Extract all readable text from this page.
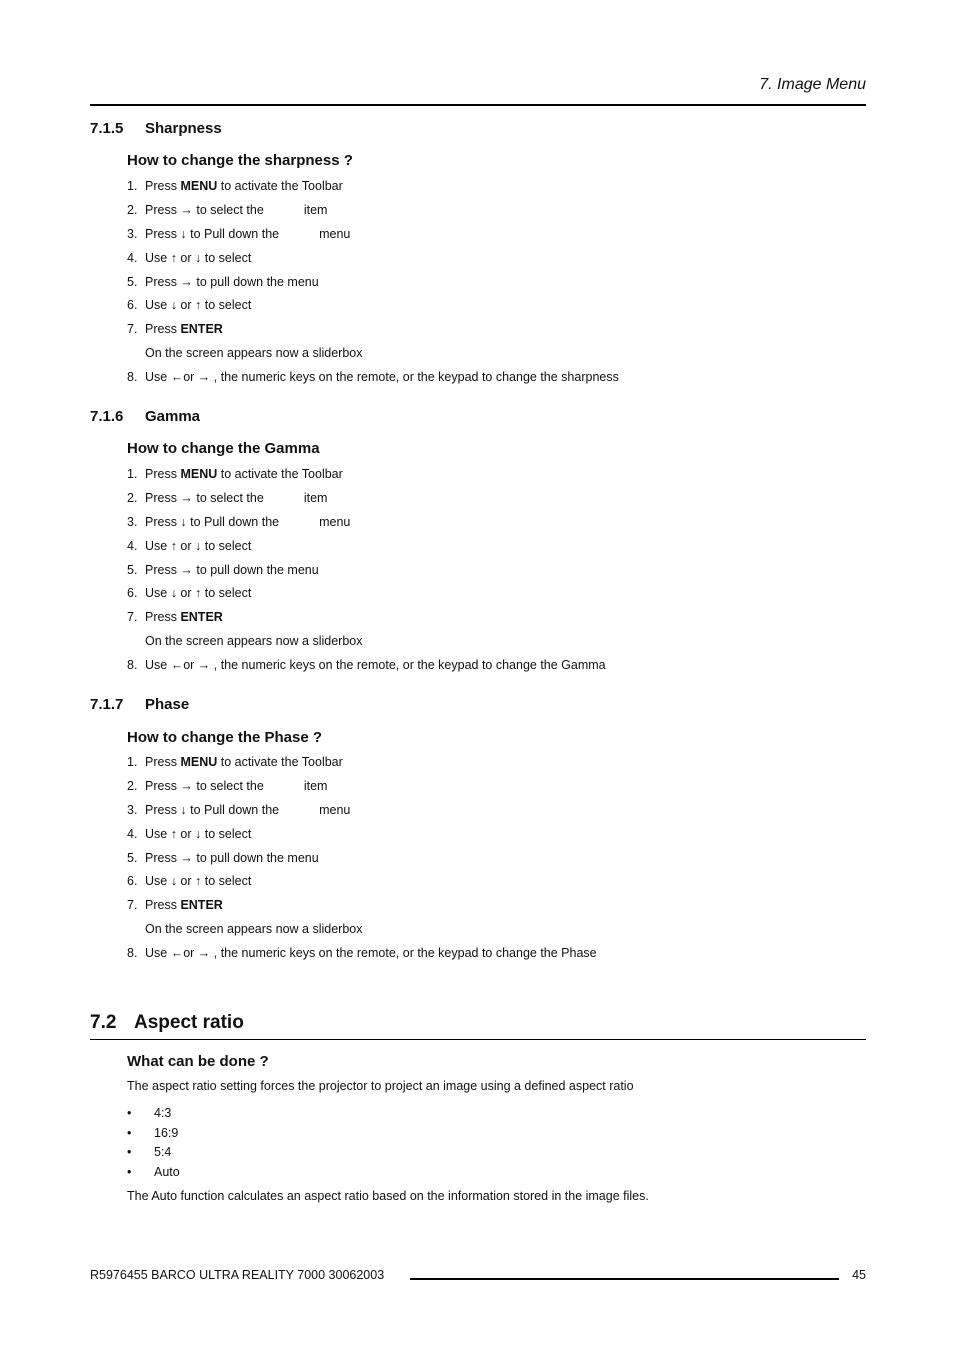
7. Image Menu
7.1.5 Sharpness
How to change the sharpness ?
1. Press MENU to activate the Toolbar
2. Press → to select the	item
3. Press ↓ to Pull down the	menu
4. Use ↑ or ↓ to select
5. Press → to pull down the menu
6. Use ↓ or ↑ to select
7. Press ENTER
On the screen appears now a sliderbox
8. Use ←or → , the numeric keys on the remote, or the keypad to change the sharpness
7.1.6 Gamma
How to change the Gamma
1. Press MENU to activate the Toolbar
2. Press → to select the	item
3. Press ↓ to Pull down the	menu
4. Use ↑ or ↓ to select
5. Press → to pull down the menu
6. Use ↓ or ↑ to select
7. Press ENTER
On the screen appears now a sliderbox
8. Use ←or → , the numeric keys on the remote, or the keypad to change the Gamma
7.1.7 Phase
How to change the Phase ?
1. Press MENU to activate the Toolbar
2. Press → to select the	item
3. Press ↓ to Pull down the	menu
4. Use ↑ or ↓ to select
5. Press → to pull down the menu
6. Use ↓ or ↑ to select
7. Press ENTER
On the screen appears now a sliderbox
8. Use ←or → , the numeric keys on the remote, or the keypad to change the Phase
7.2 Aspect ratio
What can be done ?
The aspect ratio setting forces the projector to project an image using a defined aspect ratio
• 4:3
• 16:9
• 5:4
• Auto
The Auto function calculates an aspect ratio based on the information stored in the image files.
R5976455 BARCO ULTRA REALITY 7000 30062003	45
